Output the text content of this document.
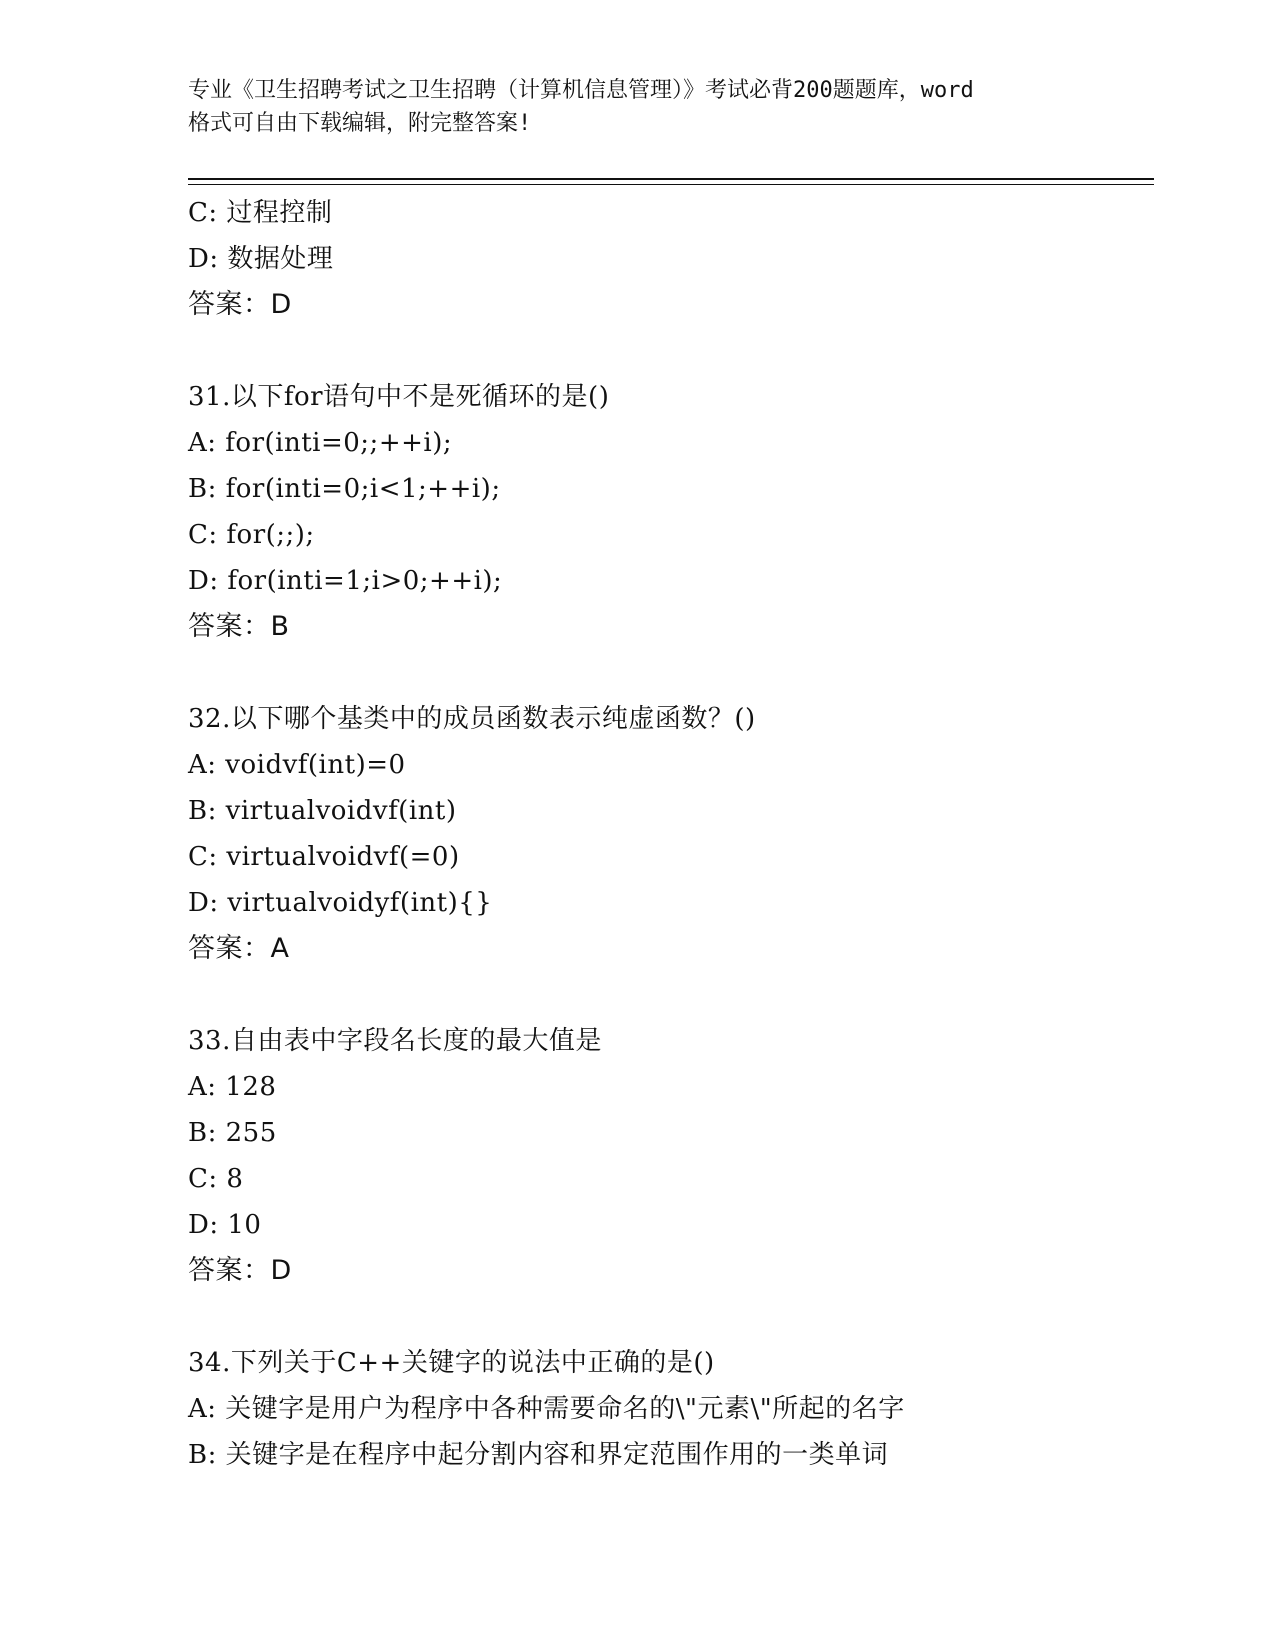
专业《卫生招聘考试之卫生招聘（计算机信息管理）》考试必背200题题库，word
格式可自由下载编辑，附完整答案!
C: 过程控制
D: 数据处理
答案：D
31.以下for语句中不是死循环的是()
A: for(inti=0;;++i);
B: for(inti=0;i<1;++i);
C: for(;;);
D: for(inti=1;i>0;++i);
答案：B
32.以下哪个基类中的成员函数表示纯虚函数？()
A: voidvf(int)=0
B: virtualvoidvf(int)
C: virtualvoidvf(=0)
D: virtualvoidyf(int){}
答案：A
33.自由表中字段名长度的最大值是
A: 128
B: 255
C: 8
D: 10
答案：D
34.下列关于C++关键字的说法中正确的是()
A: 关键字是用户为程序中各种需要命名的\"元素\"所起的名字
B: 关键字是在程序中起分割内容和界定范围作用的一类单词
